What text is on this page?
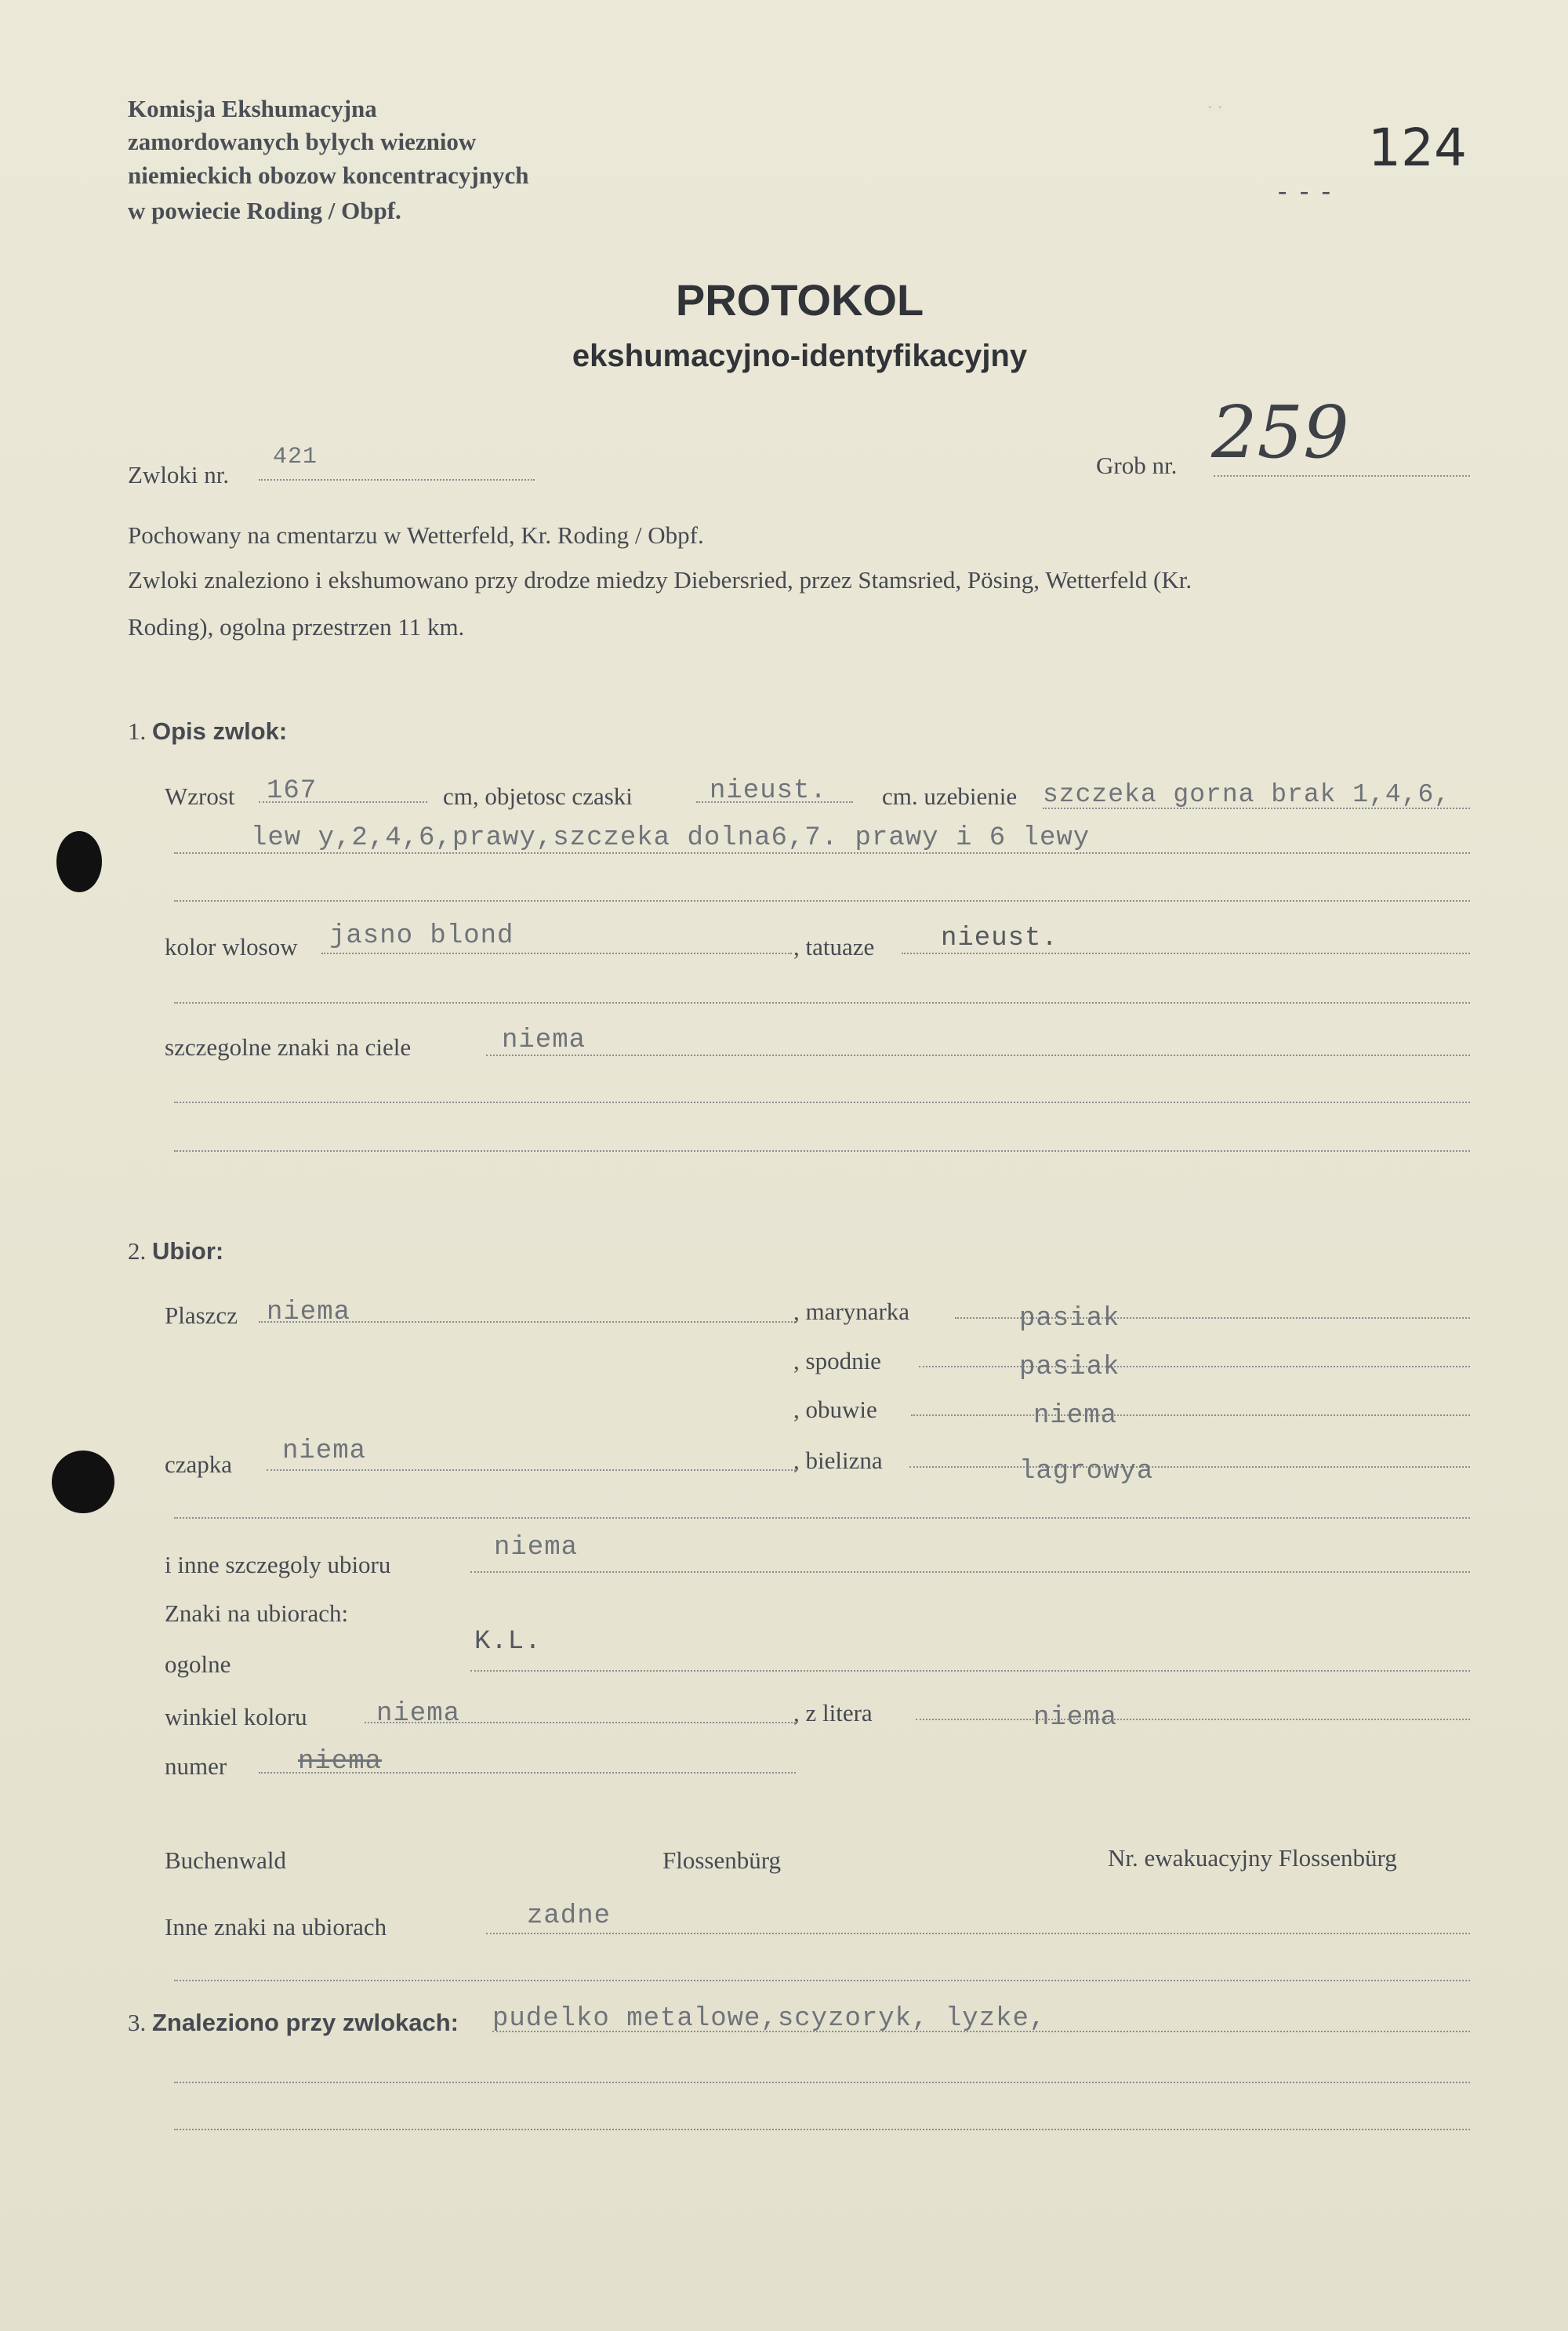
. .
Komisja Ekshumacyjna
zamordowanych bylych wiezniow
niemieckich obozow koncentracyjnych
w powiecie Roding / Obpf.
- - -
124
PROTOKOL
ekshumacyjno-identyfikacyjny
Zwloki nr.
421	Grob nr. 259
Pochowany na cmentarzu w Wetterfeld, Kr. Roding / Obpf.
Zwloki znaleziono i ekshumowano przy drodze miedzy Diebersried, przez Stamsried, Pösing, Wetterfeld (Kr.
Roding), ogolna przestrzen 11 km.
1. Opis zwlok:
Wzrost 167	cm, objetosc czaski	nieust. cm. uzebienie szczeka gorna brak 1,4,6,
lew y,2,4,6,prawy,szczeka dolna6,7. prawy i 6 lewy
kolor wlosow jasno blond	, tatuaze nieust.
szczegolne znaki na ciele	niema
2. Ubior:
Plaszcz niema	, marynarka	pasiak
, spodnie	pasiak
, obuwie	niema
czapka niema	, bielizna	lagrowya
i inne szczegoly ubioru
niema
Znaki na ubiorach:
ogolne
K.L.
winkiel koloru	niema	, z litera	niema
numer	niema
Buchenwald	Flossenbürg	Nr. ewakuacyjny Flossenbürg
Inne znaki na ubiorach	zadne
3. Znaleziono przy zwlokach: pudelko metalowe,scyzoryk, lyzke,
